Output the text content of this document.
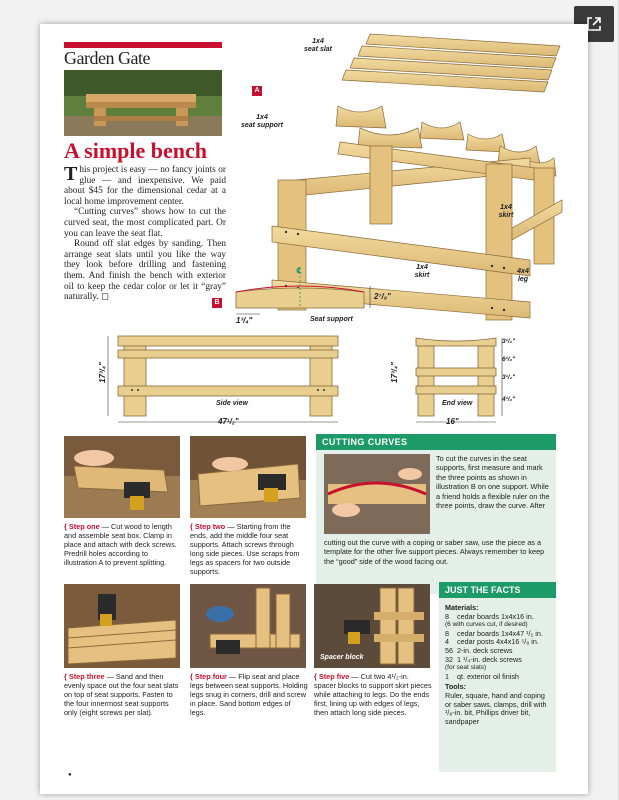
Garden Gate
A simple bench

This project is easy — no fancy joints or glue — and inexpensive. We paid about $45 for the dimensional cedar at a local home improvement center.

“Cutting curves” shows how to cut the curved seat, the most complicated part. Or you can leave the seat flat.

Round off slat edges by sanding. Then arrange seat slats until you like the way they look before drilling and fastening them. And finish the bench with exterior oil to keep the cedar color or let it “gray” naturally. ◻

A
1x4
seat slat
1x4
seat support
1x4
skirt
1x4
skirt
4x4
leg
B
℄
2⁷/₈"
1³/₄"	Seat support
17³/₄"
Side view
47¹/₂"
17³/₄"
3¹/₂"
6¹/₂"
3¹/₂"
4¹/₂"
End view
16"
{ Step one — Cut wood to length and assemble seat box. Clamp in place and attach with deck screws. Predrill holes according to illustration A to prevent splitting.
{ Step two — Starting from the ends, add the middle four seat supports. Attach screws through long side pieces. Use scraps from legs as spacers for two outside supports.
CUTTING CURVES
To cut the curves in the seat supports, first measure and mark the three points as shown in illustration B on one support. While a friend holds a flexible ruler on the three points, draw the curve. After
cutting out the curve with a coping or saber saw, use the piece as a template for the other five support pieces. Always remember to keep the “good” side of the wood facing out.
Spacer block
{ Step three — Sand and then evenly space out the four seat slats on top of seat supports. Fasten to the four innermost seat supports only (eight screws per slat).
{ Step four — Flip seat and place legs between seat supports. Holding legs snug in corners, drill and screw in place. Sand bottom edges of legs.
{ Step five — Cut two 4¹/₂-in. spacer blocks to support skirt pieces while attaching to legs. Do the ends first, lining up with edges of legs, then attach long side pieces.
JUST THE FACTS
Materials:
8	cedar boards 1x4x16 in.
(6 with curves cut, if desired)
8	cedar boards 1x4x47 ¹/₂ in.
4	cedar posts 4x4x16 ⁵/₈ in.
56 2-in. deck screws
32 1 ¹/₄-in. deck screws
(for seat slats)
1	qt. exterior oil finish
Tools:
Ruler, square, hand and coping or saber saws, clamps, drill with ¹/₈-in. bit, Phillips driver bit, sandpaper
●
